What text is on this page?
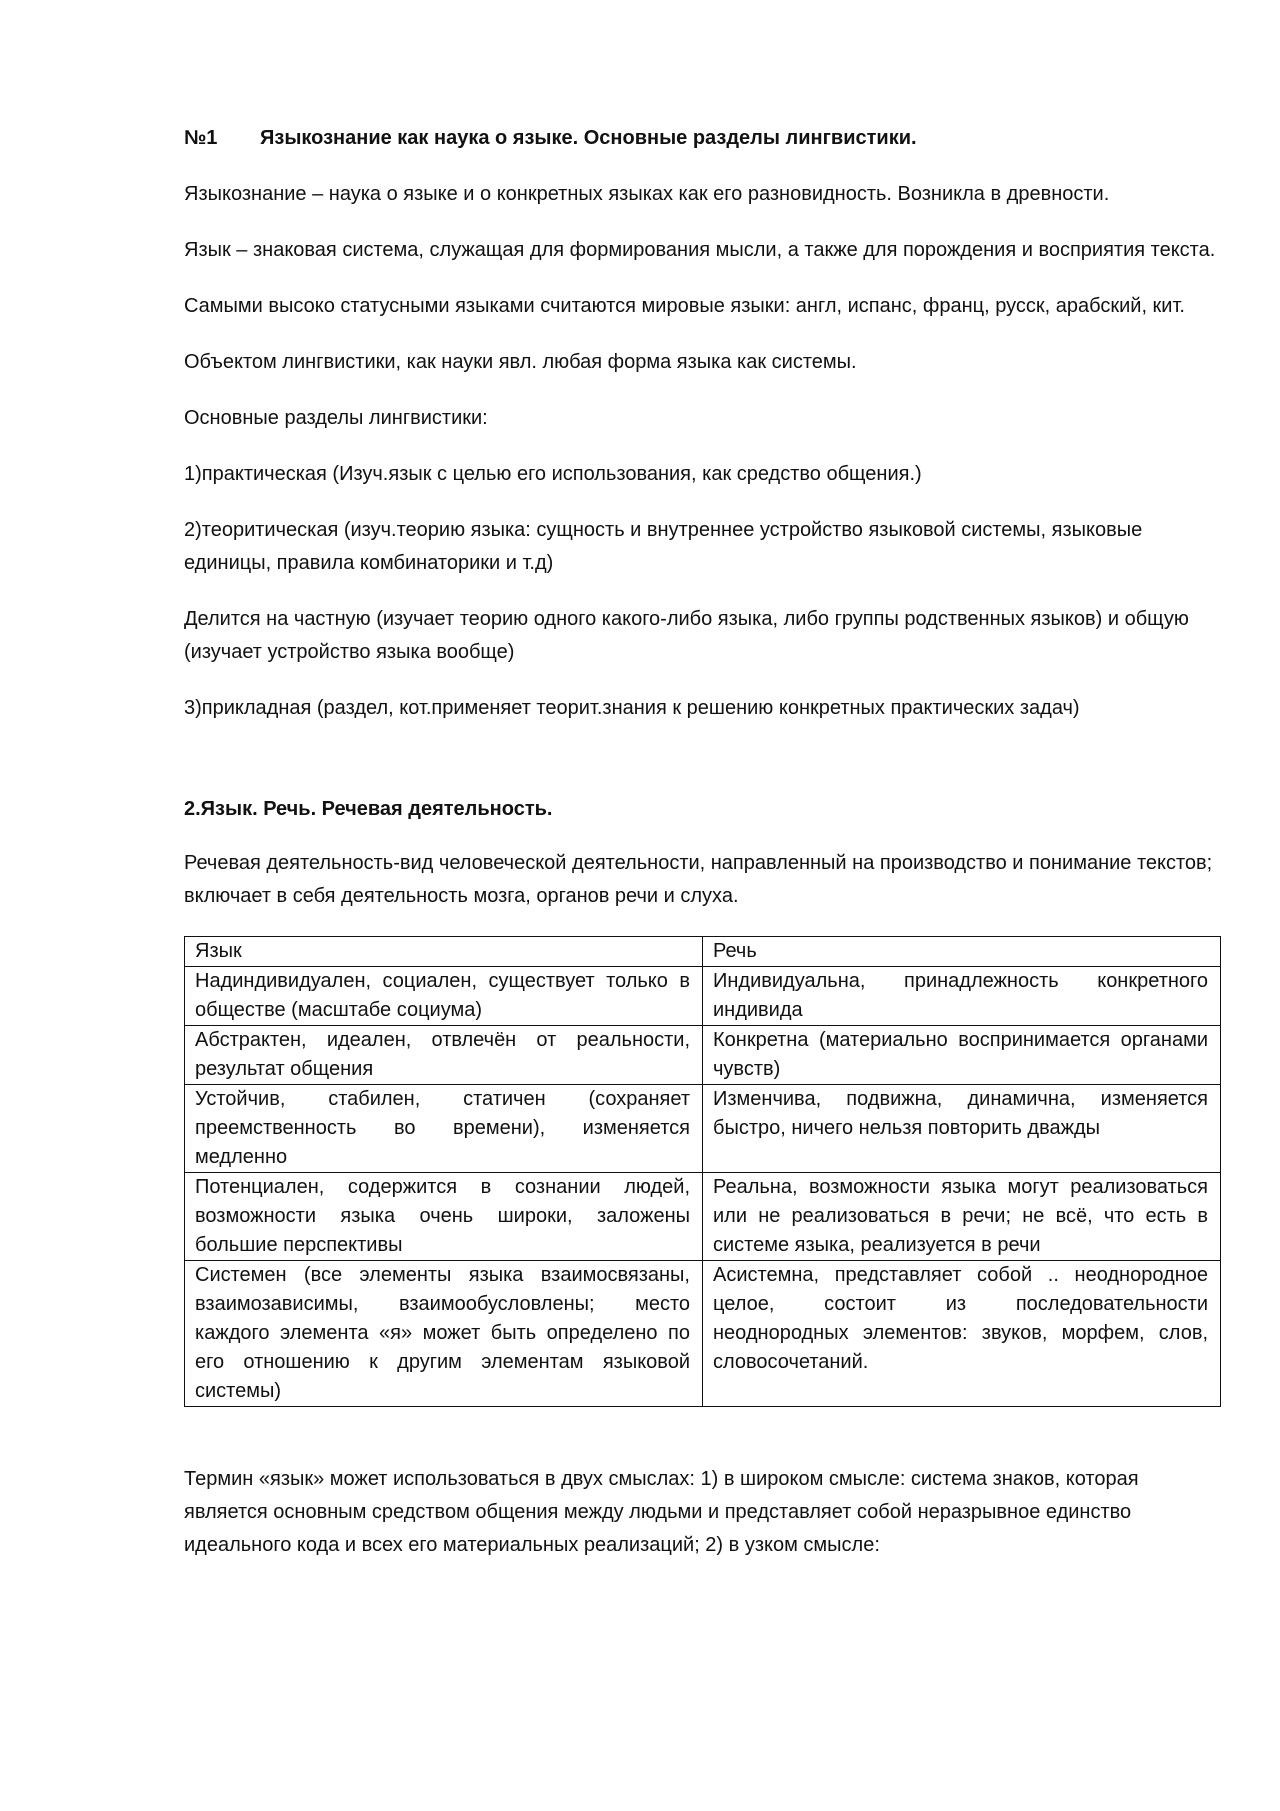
№1	Языкознание как наука о языке. Основные разделы лингвистики.

Языкознание – наука о языке и о конкретных языках как его разновидность. Возникла в древности.

Язык – знаковая система, служащая для формирования мысли, а также для порождения и восприятия текста.

Самыми высоко статусными языками считаются мировые языки: англ, испанс, франц, русск, арабский, кит.

Объектом лингвистики, как науки явл. любая форма языка как системы.

Основные разделы лингвистики:

1)практическая (Изуч.язык с целью его использования, как средство общения.)

2)теоритическая (изуч.теорию языка: сущность и внутреннее устройство языковой системы, языковые единицы, правила комбинаторики и т.д)

Делится на частную (изучает теорию одного какого-либо языка, либо группы родственных языков) и общую (изучает устройство языка вообще)

3)прикладная (раздел, кот.применяет теорит.знания к решению конкретных практических задач)

2.Язык. Речь. Речевая деятельность.

Речевая деятельность-вид человеческой деятельности, направленный на производство и понимание текстов; включает в себя деятельность мозга, органов речи и слуха.

Язык	Речь
Надиндивидуален, социален, существует только в обществе (масштабе социума)	Индивидуальна, принадлежность конкретного индивида
Абстрактен, идеален, отвлечён от реальности, результат общения	Конкретна (материально воспринимается органами чувств)
Устойчив, стабилен, статичен (сохраняет преемственность во времени), изменяется медленно	Изменчива, подвижна, динамична, изменяется быстро, ничего нельзя повторить дважды
Потенциален, содержится в сознании людей, возможности языка очень широки, заложены большие перспективы	Реальна, возможности языка могут реализоваться или не реализоваться в речи; не всё, что есть в системе языка, реализуется в речи
Системен (все элементы языка взаимосвязаны, взаимозависимы, взаимообусловлены; место каждого элемента «я» может быть определено по его отношению к другим элементам языковой системы)	Асистемна, представляет собой .. неоднородное целое, состоит из последовательности неоднородных элементов: звуков, морфем, слов, словосочетаний.

Термин «язык» может использоваться в двух смыслах: 1) в широком смысле: система знаков, которая является основным средством общения между людьми и представляет собой неразрывное единство идеального кода и всех его материальных реализаций; 2) в узком смысле:
